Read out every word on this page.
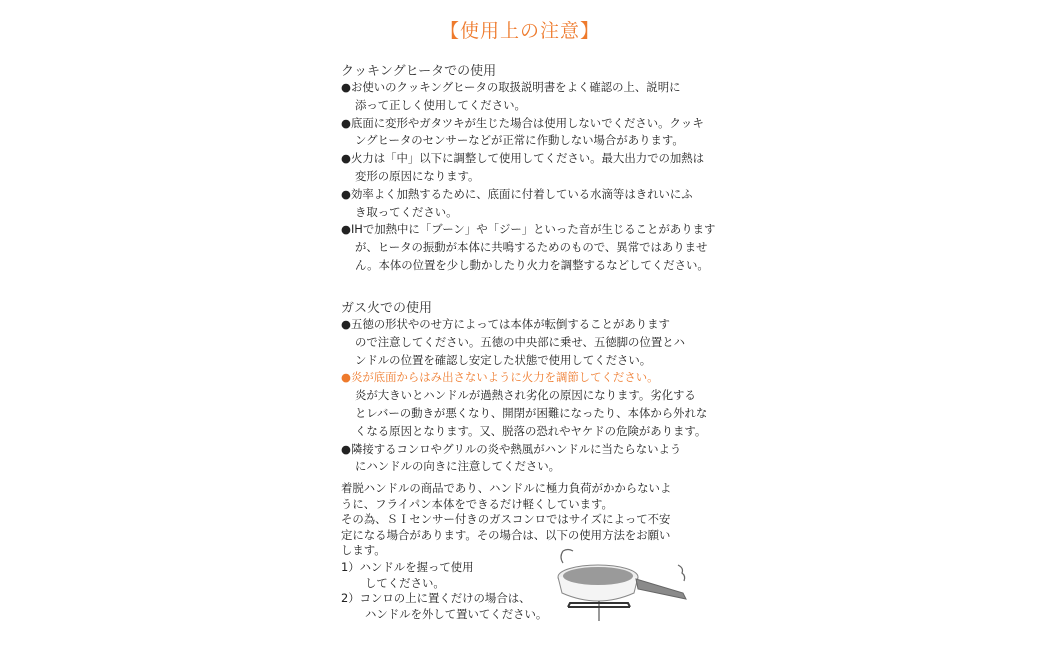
【使用上の注意】
クッキングヒータでの使用
●お使いのクッキングヒータの取扱説明書をよく確認の上、説明に
添って正しく使用してください。
●底面に変形やガタツキが生じた場合は使用しないでください。クッキ
ングヒータのセンサーなどが正常に作動しない場合があります。
●火力は「中」以下に調整して使用してください。最大出力での加熱は
変形の原因になります。
●効率よく加熱するために、底面に付着している水滴等はきれいにふ
き取ってください。
●IHで加熱中に「ブーン」や「ジー」といった音が生じることがあります
が、ヒータの振動が本体に共鳴するためのもので、異常ではありませ
ん。本体の位置を少し動かしたり火力を調整するなどしてください。
ガス火での使用
●五徳の形状やのせ方によっては本体が転倒することがあります
ので注意してください。五徳の中央部に乗せ、五徳脚の位置とハ
ンドルの位置を確認し安定した状態で使用してください。
●炎が底面からはみ出さないように火力を調節してください。
炎が大きいとハンドルが過熱され劣化の原因になります。劣化する
とレバーの動きが悪くなり、開閉が困難になったり、本体から外れな
くなる原因となります。又、脱落の恐れやヤケドの危険があります。
●隣接するコンロやグリルの炎や熱風がハンドルに当たらないよう
にハンドルの向きに注意してください。
着脱ハンドルの商品であり、ハンドルに極力負荷がかからないよ
うに、フライパン本体をできるだけ軽くしています。
その為、ＳＩセンサー付きのガスコンロではサイズによって不安
定になる場合があります。その場合は、以下の使用方法をお願い
します。
1）ハンドルを握って使用
してください。
2）コンロの上に置くだけの場合は、
ハンドルを外して置いてください。
